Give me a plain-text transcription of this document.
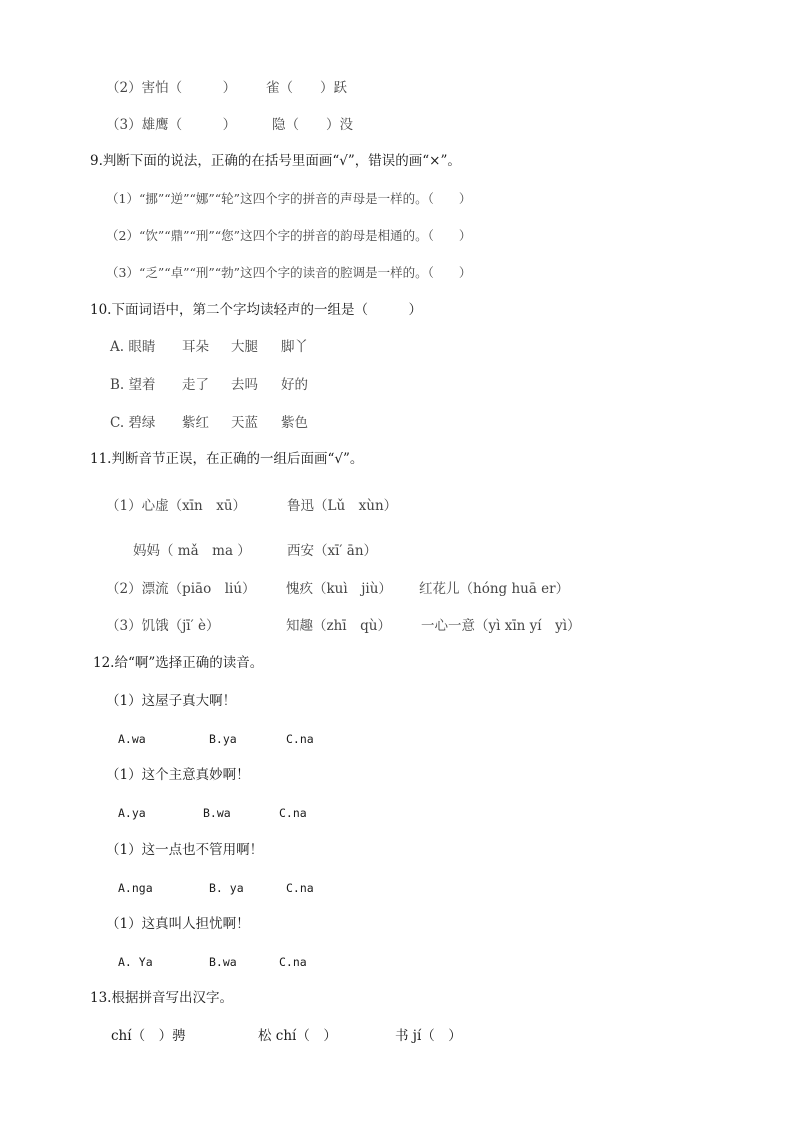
（2）害怕（　　　） 雀（　　）跃
（3）雄鹰（　　　）	隐（　　）没
9.判断下面的说法，正确的在括号里面画“√”，错误的画“×”。
（1）“挪”“逆”“娜”“轮”这四个字的拼音的声母是一样的。（　　）
（2）“饮”“鼎”“刑”“您”这四个字的拼音的韵母是相通的。（　　）
（3）“乏”“卓”“刑”“勃”这四个字的读音的腔调是一样的。（　　）
10.下面词语中，第二个字均读轻声的一组是（　　　）
A. 眼睛 耳朵 大腿 脚丫
B. 望着 走了 去吗 好的
C. 碧绿 紫红 天蓝 紫色
11.判断音节正误，在正确的一组后面画“√”。
（1）心虚（xīn　xū）	鲁迅（Lǔ　xùn）
妈妈（ mǎ　ma ）	西安（xī′ ān）
（2）漂流（piāo　liú） 愧疚（kuì　jiù） 红花儿（hóng huā er）
（3）饥饿（jī′ è）	知趣（zhī　qù） 一心一意（yì xīn yí　yì）
12.给“啊”选择正确的读音。
（1）这屋子真大啊！
A.wa	B.ya	C.na
（1）这个主意真妙啊！
A.ya	B.wa	C.na
（1）这一点也不管用啊！
A.nga	B. ya	C.na
（1）这真叫人担忧啊！
A. Ya	B.wa	C.na
13.根据拼音写出汉字。
chí（　）骋	松 chí（　）	书 jí（　）
